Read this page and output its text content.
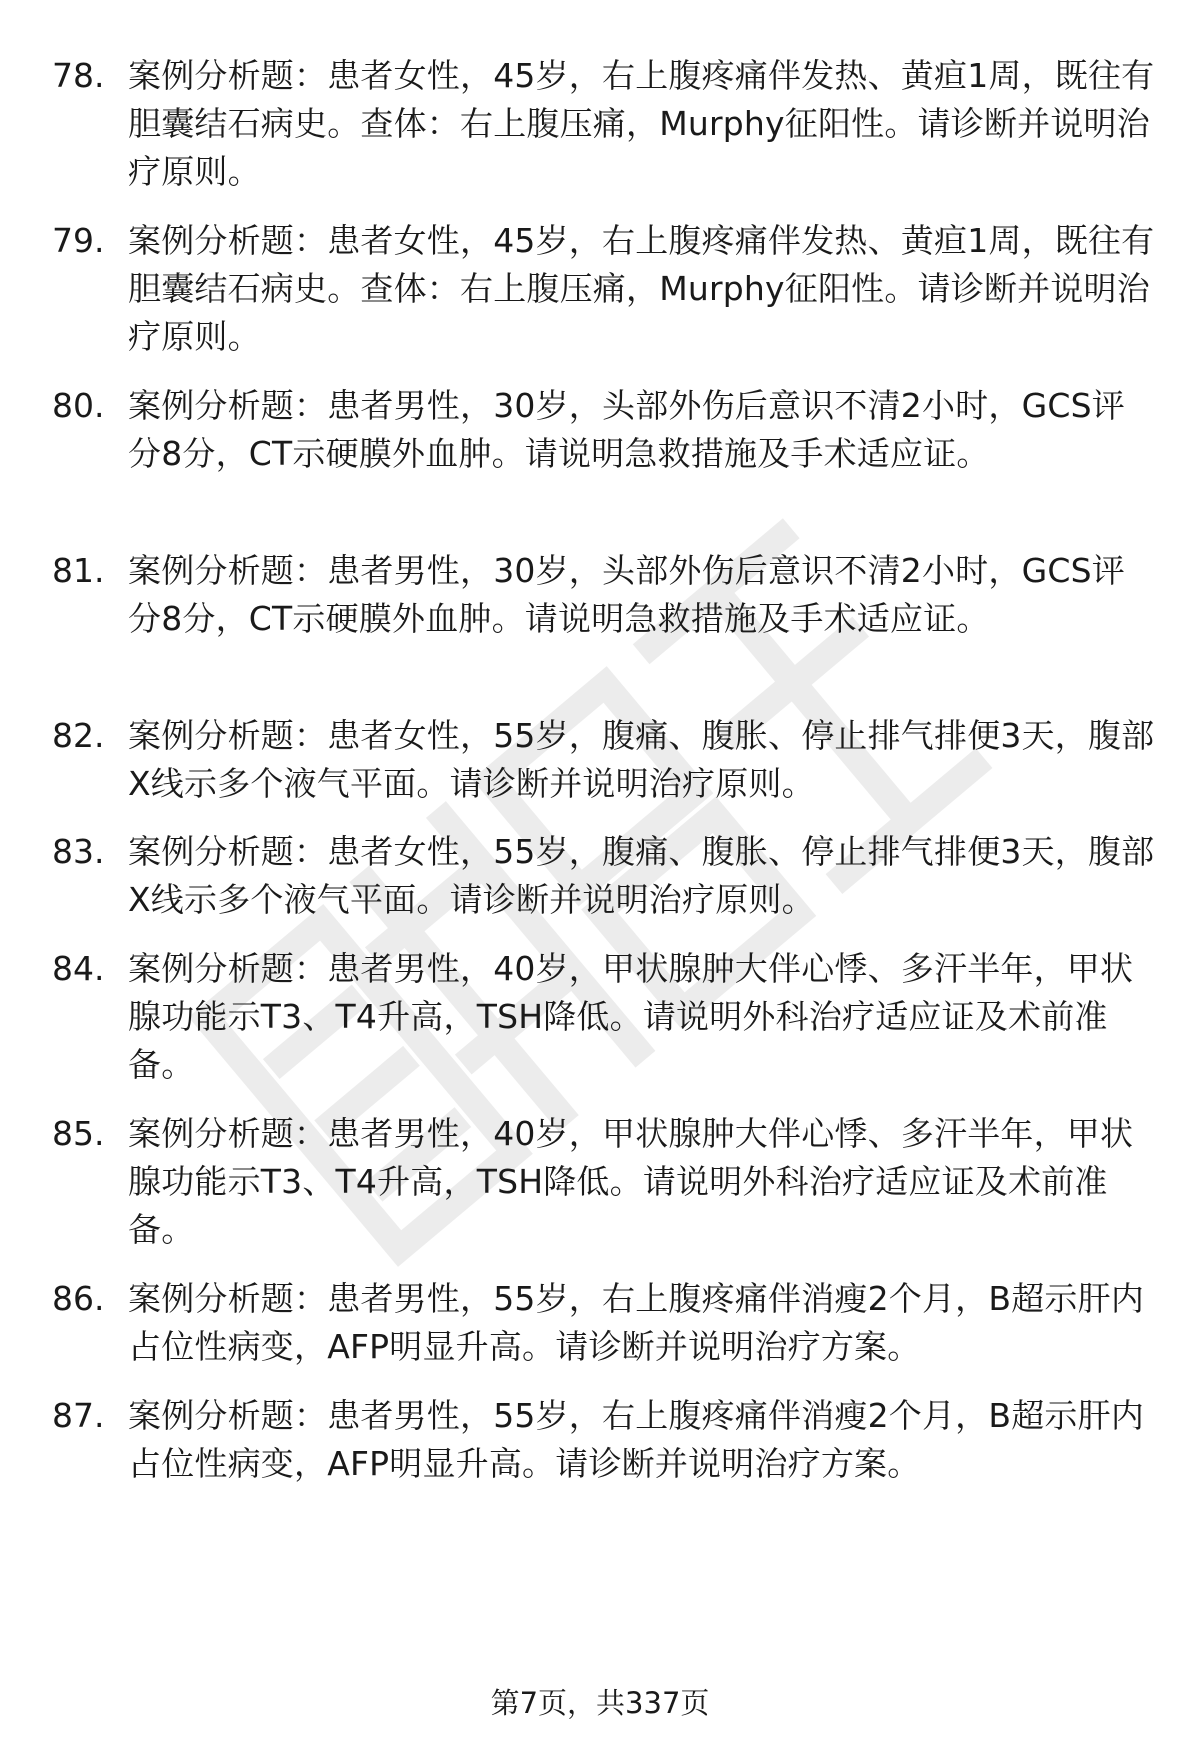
78. 案例分析题：患者女性，45岁，右上腹疼痛伴发热、黄疸1周，既往有胆囊结石病史。查体：右上腹压痛，Murphy征阳性。请诊断并说明治疗原则。

79. 案例分析题：患者女性，45岁，右上腹疼痛伴发热、黄疸1周，既往有胆囊结石病史。查体：右上腹压痛，Murphy征阳性。请诊断并说明治疗原则。

80. 案例分析题：患者男性，30岁，头部外伤后意识不清2小时，GCS评分8分，CT示硬膜外血肿。请说明急救措施及手术适应证。

81. 案例分析题：患者男性，30岁，头部外伤后意识不清2小时，GCS评分8分，CT示硬膜外血肿。请说明急救措施及手术适应证。

82. 案例分析题：患者女性，55岁，腹痛、腹胀、停止排气排便3天，腹部X线示多个液气平面。请诊断并说明治疗原则。

83. 案例分析题：患者女性，55岁，腹痛、腹胀、停止排气排便3天，腹部X线示多个液气平面。请诊断并说明治疗原则。

84. 案例分析题：患者男性，40岁，甲状腺肿大伴心悸、多汗半年，甲状腺功能示T3、T4升高，TSH降低。请说明外科治疗适应证及术前准备。

85. 案例分析题：患者男性，40岁，甲状腺肿大伴心悸、多汗半年，甲状腺功能示T3、T4升高，TSH降低。请说明外科治疗适应证及术前准备。

86. 案例分析题：患者男性，55岁，右上腹疼痛伴消瘦2个月，B超示肝内占位性病变，AFP明显升高。请诊断并说明治疗方案。

87. 案例分析题：患者男性，55岁，右上腹疼痛伴消瘦2个月，B超示肝内占位性病变，AFP明显升高。请诊断并说明治疗方案。

第7页，共337页
